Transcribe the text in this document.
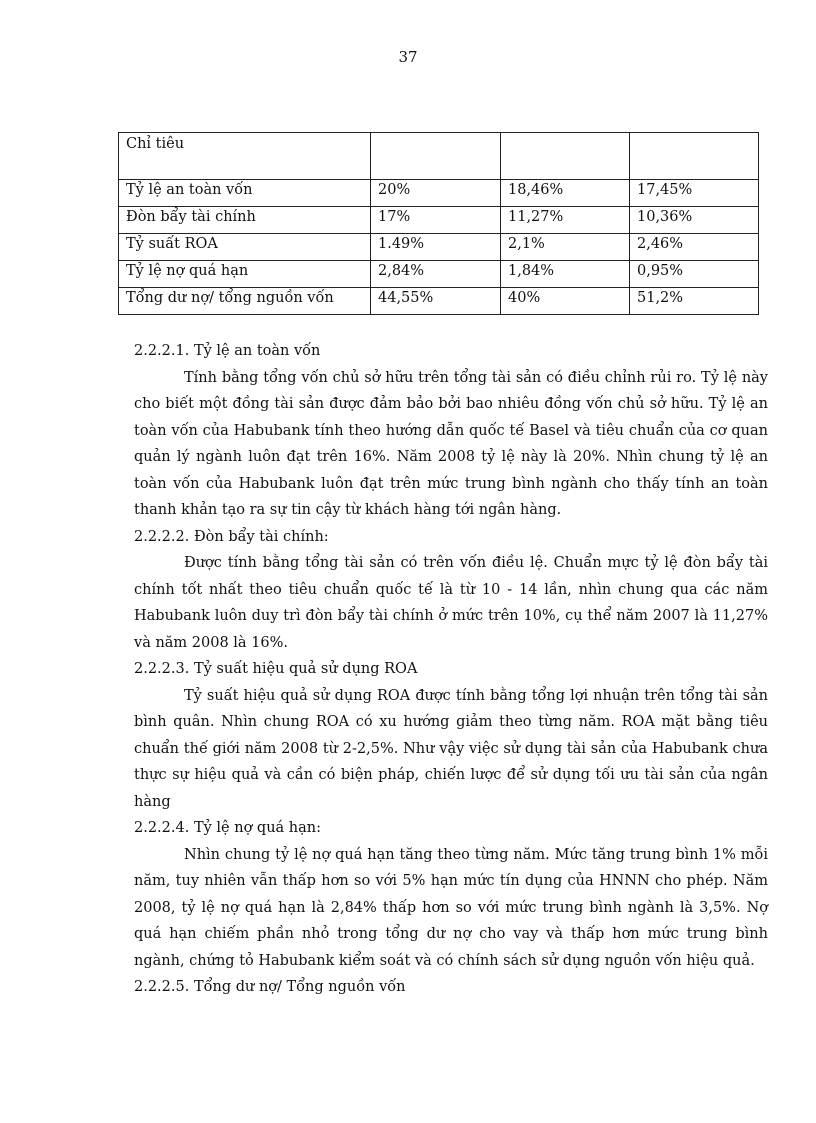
37
Chỉ tiêu			
Tỷ lệ an toàn vốn	20%	18,46%	17,45%
Đòn bẩy tài chính	17%	11,27%	10,36%
Tỷ suất ROA	1.49%	2,1%	2,46%
Tỷ lệ nợ quá hạn	2,84%	1,84%	0,95%
Tổng dư nợ/ tổng nguồn vốn	44,55%	40%	51,2%

2.2.2.1. Tỷ lệ an toàn vốn

Tính bằng tổng vốn chủ sở hữu trên tổng tài sản có điều chỉnh rủi ro. Tỷ lệ này cho biết một đồng tài sản được đảm bảo bởi bao nhiêu đồng vốn chủ sở hữu. Tỷ lệ an toàn vốn của Habubank tính theo hướng dẫn quốc tế Basel và tiêu chuẩn của cơ quan quản lý ngành luôn đạt trên 16%. Năm 2008 tỷ lệ này là 20%. Nhìn chung tỷ lệ an toàn vốn của Habubank luôn đạt trên mức trung bình ngành cho thấy tính an toàn thanh khản tạo ra sự tin cậy từ khách hàng tới ngân hàng.

2.2.2.2. Đòn bẩy tài chính:

Được tính bằng tổng tài sản có trên vốn điều lệ. Chuẩn mực tỷ lệ đòn bẩy tài chính tốt nhất theo tiêu chuẩn quốc tế là từ 10 - 14 lần, nhìn chung qua các năm Habubank luôn duy trì đòn bẩy tài chính ở mức trên 10%, cụ thể năm 2007 là 11,27% và năm 2008 là 16%.

2.2.2.3. Tỷ suất hiệu quả sử dụng ROA

Tỷ suất hiệu quả sử dụng ROA được tính bằng tổng lợi nhuận trên tổng tài sản bình quân. Nhìn chung ROA có xu hướng giảm theo từng năm. ROA mặt bằng tiêu chuẩn thế giới năm 2008 từ 2-2,5%. Như vậy việc sử dụng tài sản của Habubank chưa thực sự hiệu quả và cần có biện pháp, chiến lược để sử dụng tối ưu tài sản của ngân hàng

2.2.2.4. Tỷ lệ nợ quá hạn:

Nhìn chung tỷ lệ nợ quá hạn tăng theo từng năm. Mức tăng trung bình 1% mỗi năm, tuy nhiên vẫn thấp hơn so với 5% hạn mức tín dụng của HNNN cho phép. Năm 2008, tỷ lệ nợ quá hạn là 2,84% thấp hơn so với mức trung bình ngành là 3,5%. Nợ quá hạn chiếm phần nhỏ trong tổng dư nợ cho vay và thấp hơn mức trung bình ngành, chứng tỏ Habubank kiểm soát và có chính sách sử dụng nguồn vốn hiệu quả.

2.2.2.5. Tổng dư nợ/ Tổng nguồn vốn
